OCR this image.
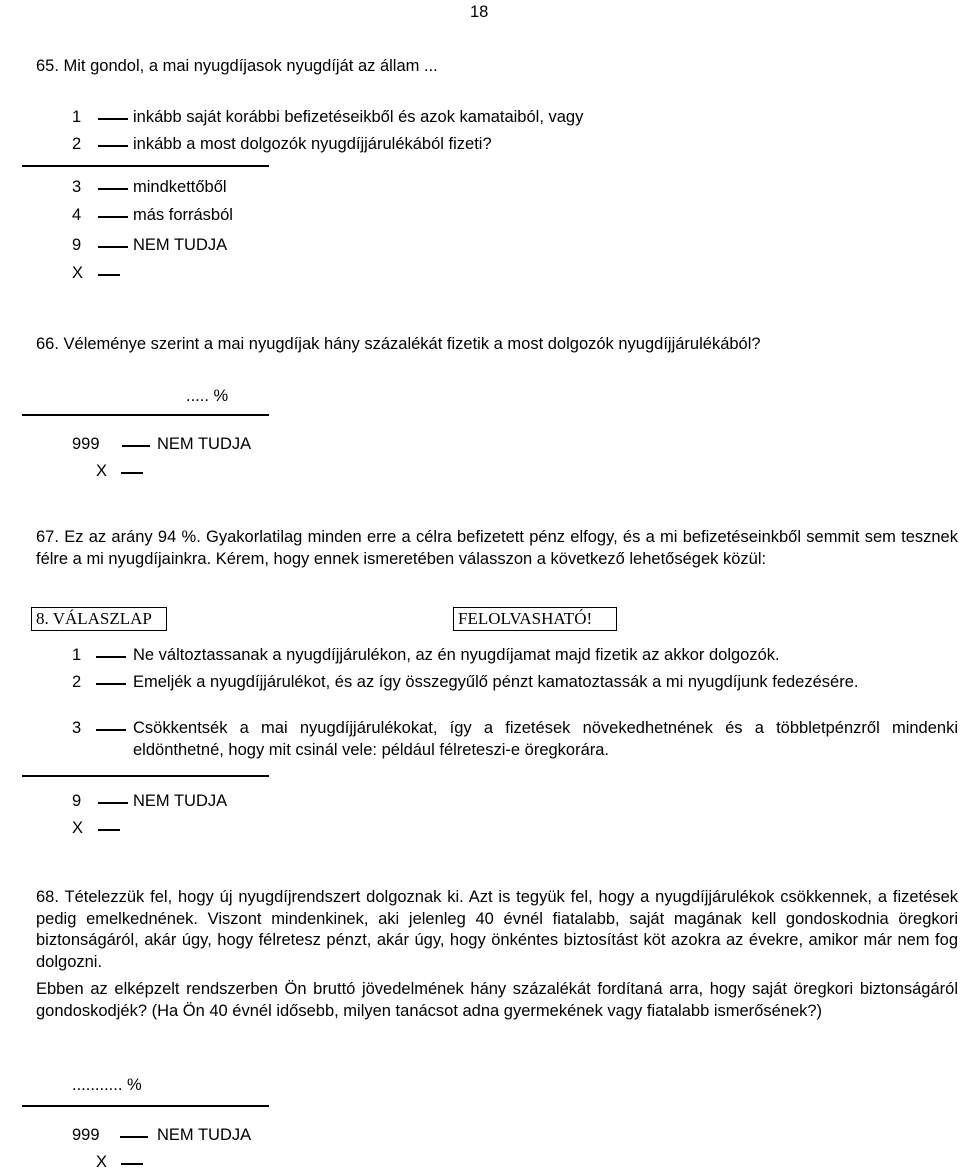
18
65. Mit gondol, a mai nyugdíjasok nyugdíját az állam ...
1	inkább saját korábbi befizetéseikből és azok kamataiból, vagy
2	inkább a most dolgozók nyugdíjjárulékából fizeti?
3	mindkettőből
4	más forrásból
9	NEM TUDJA
X
66. Véleménye szerint a mai nyugdíjak hány százalékát fizetik a most dolgozók nyugdíjjárulékából?
..... %
999	NEM TUDJA
X
67. Ez az arány 94 %. Gyakorlatilag minden erre a célra befizetett pénz elfogy, és a mi befizetéseinkből semmit sem tesznek félre a mi nyugdíjainkra. Kérem, hogy ennek ismeretében válasszon a következő lehetőségek közül:
8. VÁLASZLAP	FELOLVASHATÓ!
1	Ne változtassanak a nyugdíjjárulékon, az én nyugdíjamat majd fizetik az akkor dolgozók.
2	Emeljék a nyugdíjjárulékot, és az így összegyűlő pénzt kamatoztassák a mi nyugdíjunk fedezésére.
3	Csökkentsék a mai nyugdíjjárulékokat, így a fizetések növekedhetnének és a többletpénzről mindenki eldönthetné, hogy mit csinál vele: például félreteszi-e öregkorára.
9	NEM TUDJA
X
68. Tételezzük fel, hogy új nyugdíjrendszert dolgoznak ki. Azt is tegyük fel, hogy a nyugdíjjárulékok csökkennek, a fizetések pedig emelkednének. Viszont mindenkinek, aki jelenleg 40 évnél fiatalabb, saját magának kell gondoskodnia öregkori biztonságáról, akár úgy, hogy félretesz pénzt, akár úgy, hogy önkéntes biztosítást köt azokra az évekre, amikor már nem fog dolgozni.
Ebben az elképzelt rendszerben Ön bruttó jövedelmének hány százalékát fordítaná arra, hogy saját öregkori biztonságáról gondoskodjék? (Ha Ön 40 évnél idősebb, milyen tanácsot adna gyermekének vagy fiatalabb ismerősének?)
........... %
999	NEM TUDJA
X
